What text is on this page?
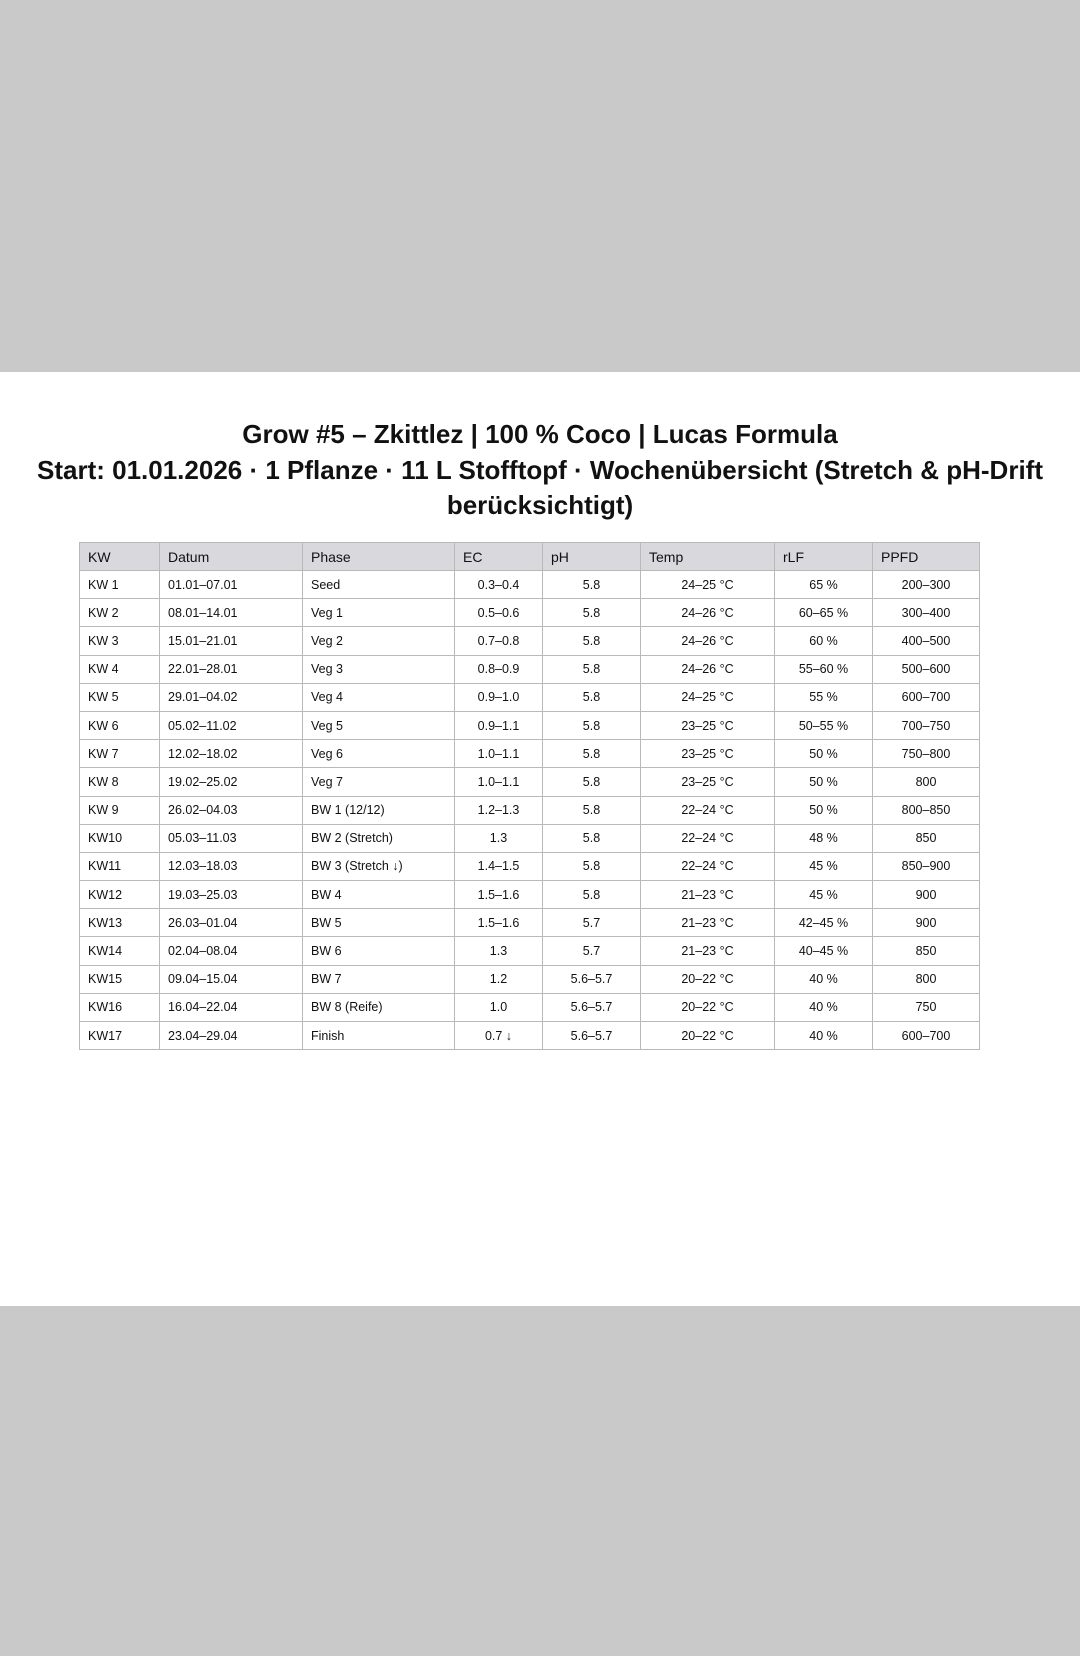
Grow #5 – Zkittlez | 100 % Coco | Lucas Formula
Start: 01.01.2026 · 1 Pflanze · 11 L Stofftopf · Wochenübersicht (Stretch & pH-Drift berücksichtigt)
KW	Datum	Phase	EC	pH	Temp	rLF	PPFD
KW 1	01.01–07.01	Seed	0.3–0.4	5.8	24–25 °C	65 %	200–300
KW 2	08.01–14.01	Veg 1	0.5–0.6	5.8	24–26 °C	60–65 %	300–400
KW 3	15.01–21.01	Veg 2	0.7–0.8	5.8	24–26 °C	60 %	400–500
KW 4	22.01–28.01	Veg 3	0.8–0.9	5.8	24–26 °C	55–60 %	500–600
KW 5	29.01–04.02	Veg 4	0.9–1.0	5.8	24–25 °C	55 %	600–700
KW 6	05.02–11.02	Veg 5	0.9–1.1	5.8	23–25 °C	50–55 %	700–750
KW 7	12.02–18.02	Veg 6	1.0–1.1	5.8	23–25 °C	50 %	750–800
KW 8	19.02–25.02	Veg 7	1.0–1.1	5.8	23–25 °C	50 %	800
KW 9	26.02–04.03	BW 1 (12/12)	1.2–1.3	5.8	22–24 °C	50 %	800–850
KW10	05.03–11.03	BW 2 (Stretch)	1.3	5.8	22–24 °C	48 %	850
KW11	12.03–18.03	BW 3 (Stretch ↓)	1.4–1.5	5.8	22–24 °C	45 %	850–900
KW12	19.03–25.03	BW 4	1.5–1.6	5.8	21–23 °C	45 %	900
KW13	26.03–01.04	BW 5	1.5–1.6	5.7	21–23 °C	42–45 %	900
KW14	02.04–08.04	BW 6	1.3	5.7	21–23 °C	40–45 %	850
KW15	09.04–15.04	BW 7	1.2	5.6–5.7	20–22 °C	40 %	800
KW16	16.04–22.04	BW 8 (Reife)	1.0	5.6–5.7	20–22 °C	40 %	750
KW17	23.04–29.04	Finish	0.7 ↓	5.6–5.7	20–22 °C	40 %	600–700
